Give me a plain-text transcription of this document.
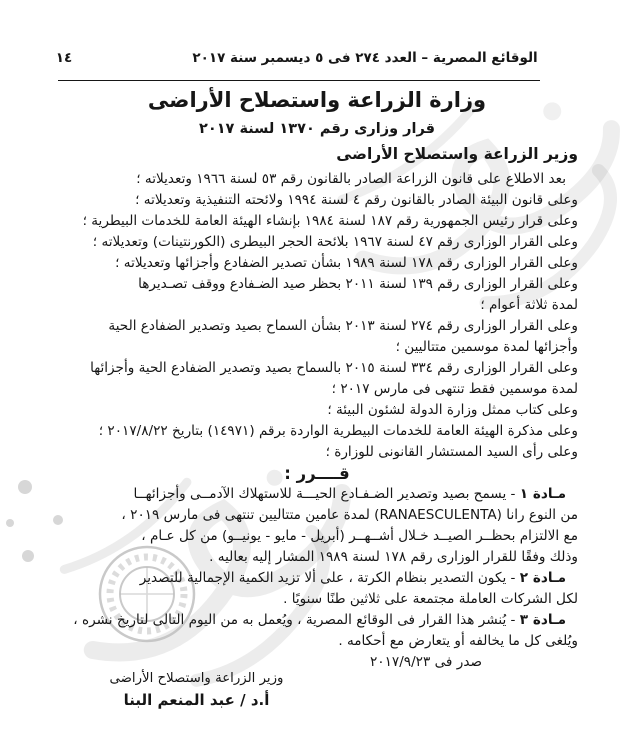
الوقائع المصرية – العدد ٢٧٤ فى ٥ ديسمبر سنة ٢٠١٧
١٤
وزارة الزراعة واستصلاح الأراضى
قرار وزارى رقم ١٣٧٠ لسنة ٢٠١٧
وزير الزراعة واستصلاح الأراضى
بعد الاطلاع على قانون الزراعة الصادر بالقانون رقم ٥٣ لسنة ١٩٦٦ وتعديلاته ؛
وعلى قانون البيئة الصادر بالقانون رقم ٤ لسنة ١٩٩٤ ولائحته التنفيذية وتعديلاته ؛
وعلى قرار رئيس الجمهورية رقم ١٨٧ لسنة ١٩٨٤ بإنشاء الهيئة العامة للخدمات البيطرية ؛
وعلى القرار الوزارى رقم ٤٧ لسنة ١٩٦٧ بلائحة الحجر البيطرى (الكورنتينات) وتعديلاته ؛
وعلى القرار الوزارى رقم ١٧٨ لسنة ١٩٨٩ بشأن تصدير الضفادع وأجزائها وتعديلاته ؛
وعلى القرار الوزارى رقم ١٣٩ لسنة ٢٠١١ بحظر صيد الضـفادع ووقف تصـديرها
لمدة ثلاثة أعوام ؛
وعلى القرار الوزارى رقم ٢٧٤ لسنة ٢٠١٣ بشأن السماح بصيد وتصدير الضفادع الحية
وأجزائها لمدة موسمين متتاليين ؛
وعلى القرار الوزارى رقم ٣٣٤ لسنة ٢٠١٥ بالسماح بصيد وتصدير الضفادع الحية وأجزائها
لمدة موسمين فقط تنتهى فى مارس ٢٠١٧ ؛
وعلى كتاب ممثل وزارة الدولة لشئون البيئة ؛
وعلى مذكرة الهيئة العامة للخدمات البيطرية الواردة برقم (١٤٩٧١) بتاريخ ٢٠١٧/٨/٢٢ ؛
وعلى رأى السيد المستشار القانونى للوزارة ؛
قــــرر :
مـادة ١ - يسمح بصيد وتصدير الضـفـادع الحيـــة للاستهلاك الآدمــى وأجزائهــا
من النوع رانا (RANAESCULENTA) لمدة عامين متتاليين تنتهى فى مارس ٢٠١٩ ،
مع الالتزام بحظــر الصيــد خـلال أشــهــر (أبريل - مايو - يونيــو) من كل عـام ،
وذلك وفقًا للقرار الوزارى رقم ١٧٨ لسنة ١٩٨٩ المشار إليه بعاليه .
مـادة ٢ - يكون التصدير بنظام الكرتة ، على ألا تزيد الكمية الإجمالية للتصدير
لكل الشركات العاملة مجتمعة على ثلاثين طنًا سنويًا .
مـادة ٣ - يُنشر هذا القرار فى الوقائع المصرية ، ويُعمل به من اليوم التالى لتاريخ نشره ،
ويُلغى كل ما يخالفه أو يتعارض مع أحكامه .
صدر فى ٢٠١٧/٩/٢٣
وزير الزراعة واستصلاح الأراضى
أ.د / عبد المنعم البنا
